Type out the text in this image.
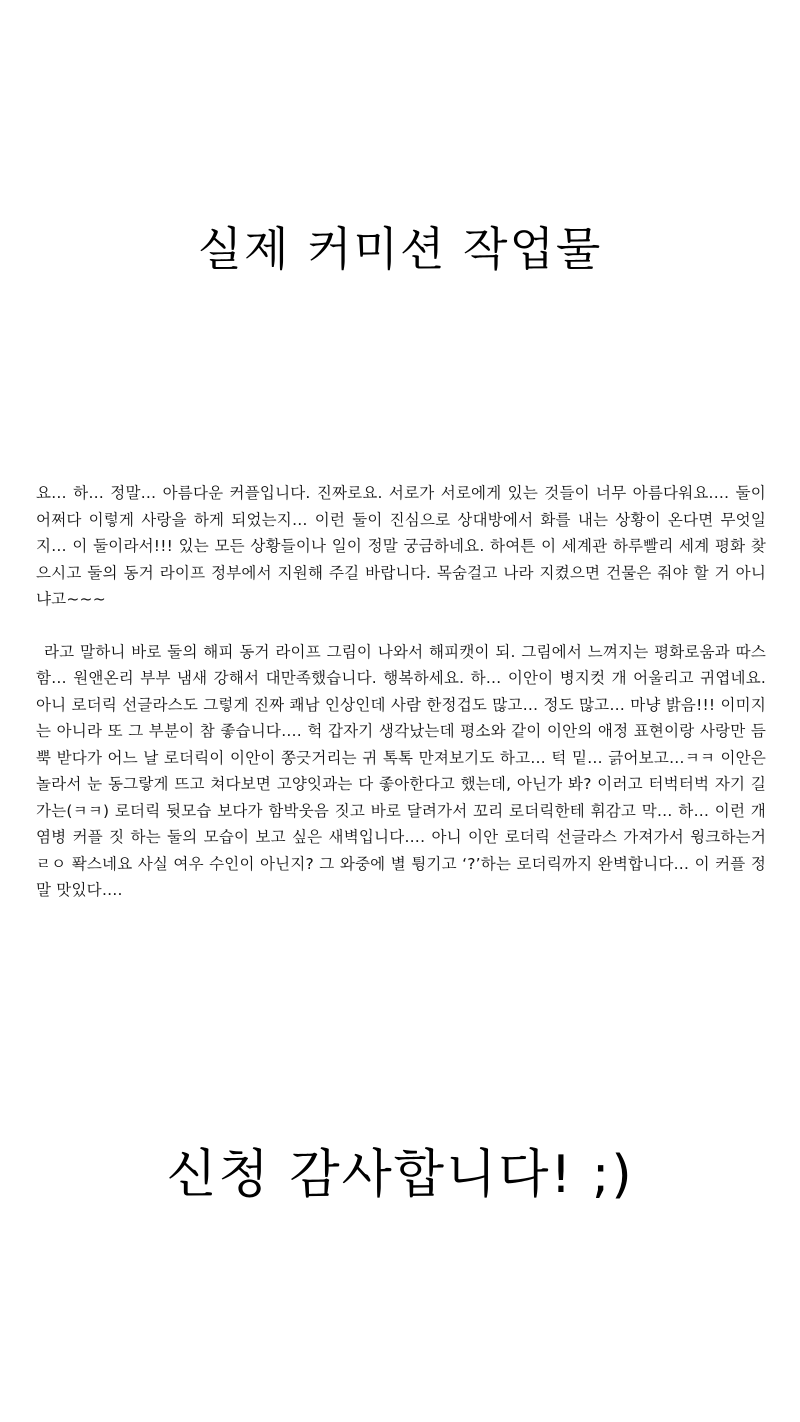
실제 커미션 작업물

요… 하… 정말… 아름다운 커플입니다. 진짜로요. 서로가 서로에게 있는 것들이 너무 아름다워요.… 둘이 어쩌다 이렇게 사랑을 하게 되었는지… 이런 둘이 진심으로 상대방에서 화를 내는 상황이 온다면 무엇일지… 이 둘이라서!!! 있는 모든 상황들이나 일이 정말 궁금하네요. 하여튼 이 세계관 하루빨리 세계 평화 찾으시고 둘의 동거 라이프 정부에서 지원해 주길 바랍니다. 목숨걸고 나라 지켰으면 건물은 줘야 할 거 아니냐고~~~

라고 말하니 바로 둘의 해피 동거 라이프 그림이 나와서 해피캣이 되. 그림에서 느껴지는 평화로움과 따스함… 원앤온리 부부 냄새 강해서 대만족했습니다. 행복하세요. 하… 이안이 병지컷 개 어울리고 귀엽네요. 아니 로더릭 선글라스도 그렇게 진짜 쾌남 인상인데 사람 한정겁도 많고… 정도 많고… 마냥 밝음!!! 이미지는 아니라 또 그 부분이 참 좋습니다…. 헉 갑자기 생각났는데 평소와 같이 이안의 애정 표현이랑 사랑만 듬뿍 받다가 어느 날 로더릭이 이안이 쫑긋거리는 귀 톡톡 만져보기도 하고… 턱 밑… 긁어보고…ㅋㅋ 이안은 놀라서 눈 동그랗게 뜨고 쳐다보면 고양잇과는 다 좋아한다고 했는데, 아닌가 봐? 이러고 터벅터벅 자기 길 가는(ㅋㅋ) 로더릭 뒷모습 보다가 함박웃음 짓고 바로 달려가서 꼬리 로더릭한테 휘감고 막… 하… 이런 개 염병 커플 짓 하는 둘의 모습이 보고 싶은 새벽입니다…. 아니 이안 로더릭 선글라스 가져가서 윙크하는거 ㄹㅇ 퐉스네요 사실 여우 수인이 아닌지? 그 와중에 별 튕기고 ‘?’하는 로더릭까지 완벽합니다… 이 커플 정말 맛있다….

신청 감사합니다! ;)
